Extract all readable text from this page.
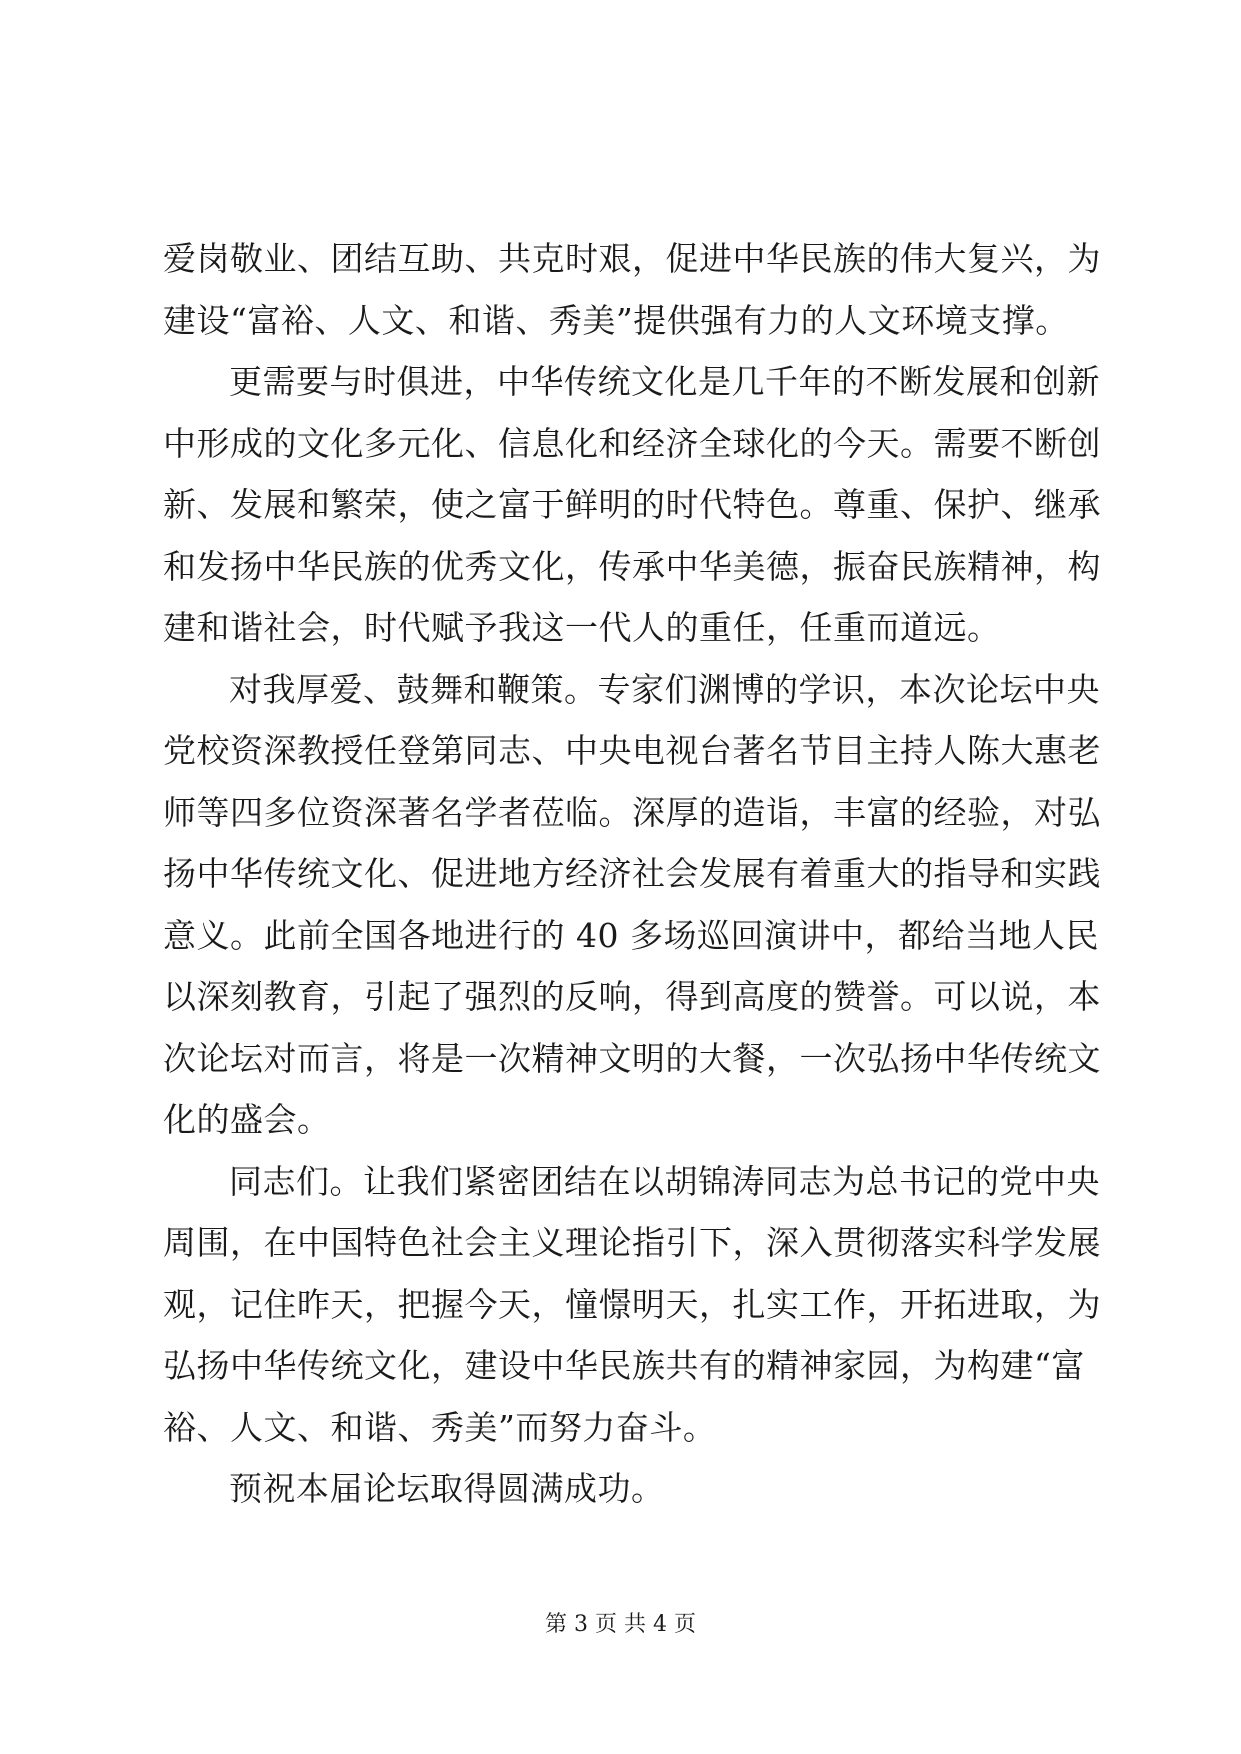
爱岗敬业、团结互助、共克时艰，促进中华民族的伟大复兴，为
建设“富裕、人文、和谐、秀美”提供强有力的人文环境支撑。
更需要与时俱进，中华传统文化是几千年的不断发展和创新
中形成的文化多元化、信息化和经济全球化的今天。需要不断创
新、发展和繁荣，使之富于鲜明的时代特色。尊重、保护、继承
和发扬中华民族的优秀文化，传承中华美德，振奋民族精神，构
建和谐社会，时代赋予我这一代人的重任，任重而道远。
对我厚爱、鼓舞和鞭策。专家们渊博的学识，本次论坛中央
党校资深教授任登第同志、中央电视台著名节目主持人陈大惠老
师等四多位资深著名学者莅临。深厚的造诣，丰富的经验，对弘
扬中华传统文化、促进地方经济社会发展有着重大的指导和实践
意义。此前全国各地进行的 40 多场巡回演讲中，都给当地人民
以深刻教育，引起了强烈的反响，得到高度的赞誉。可以说，本
次论坛对而言，将是一次精神文明的大餐，一次弘扬中华传统文
化的盛会。
同志们。让我们紧密团结在以胡锦涛同志为总书记的党中央
周围，在中国特色社会主义理论指引下，深入贯彻落实科学发展
观，记住昨天，把握今天，憧憬明天，扎实工作，开拓进取，为
弘扬中华传统文化，建设中华民族共有的精神家园，为构建“富
裕、人文、和谐、秀美”而努力奋斗。
预祝本届论坛取得圆满成功。
第 3 页 共 4 页
